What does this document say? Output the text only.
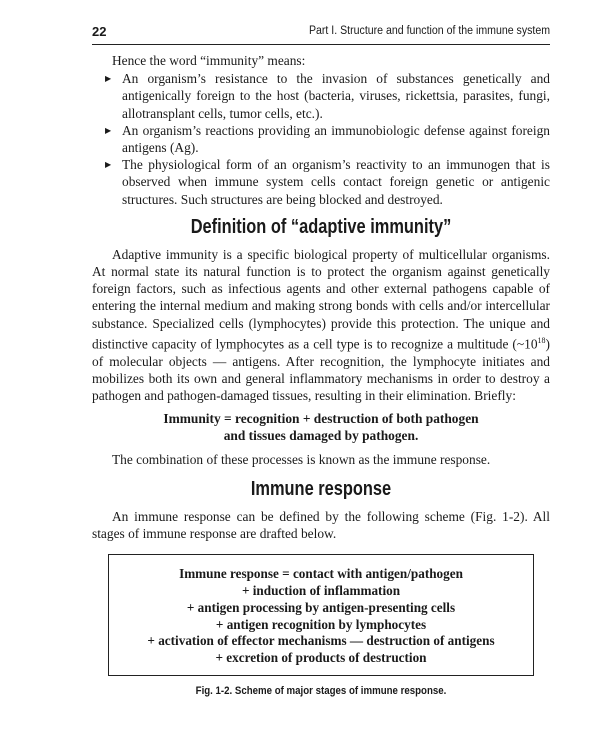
22	Part I. Structure and function of the immune system

Hence the word “immunity” means:

▶ An organism’s resistance to the invasion of substances genetically and antigenically foreign to the host (bacteria, viruses, rickettsia, parasites, fungi, allotransplant cells, tumor cells, etc.).
▶ An organism’s reactions providing an immunobiologic defense against foreign antigens (Ag).
▶ The physiological form of an organism’s reactivity to an immunogen that is observed when immune system cells contact foreign genetic or antigenic structures. Such structures are being blocked and destroyed.
Definition of “adaptive immunity”

Adaptive immunity is a specific biological property of multicellular organisms. At normal state its natural function is to protect the organism against genetically foreign factors, such as infectious agents and other external pathogens capable of entering the internal medium and making strong bonds with cells and/or intercellular substance. Specialized cells (lymphocytes) provide this protection. The unique and distinctive capacity of lymphocytes as a cell type is to recognize a multitude $(\sim 10^{18})$ of molecular objects — antigens. After recognition, the lymphocyte initiates and mobilizes both its own and general inflammatory mechanisms in order to destroy a pathogen and pathogen-damaged tissues, resulting in their elimination. Briefly:

Immunity = recognition + destruction of both pathogen
and tissues damaged by pathogen.

The combination of these processes is known as the immune response.

Immune response

An immune response can be defined by the following scheme (Fig. 1-2). All stages of immune response are drafted below.

Immune response = contact with antigen/pathogen
+ induction of inflammation
+ antigen processing by antigen-presenting cells
+ antigen recognition by lymphocytes
+ activation of effector mechanisms — destruction of antigens
+ excretion of products of destruction
Fig. 1-2. Scheme of major stages of immune response.
